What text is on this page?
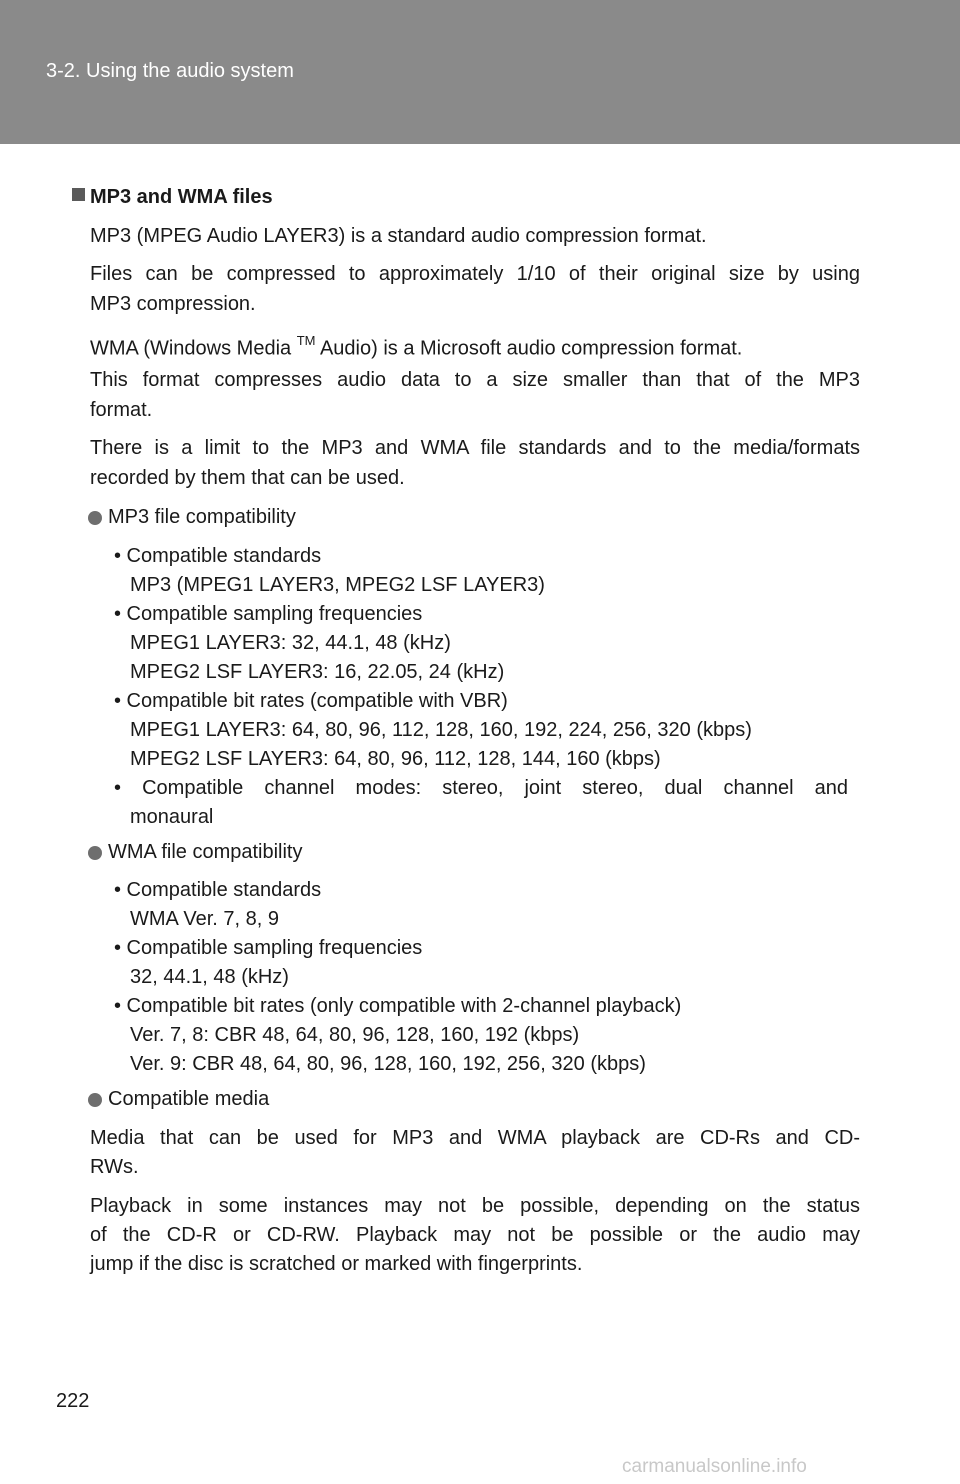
3-2. Using the audio system
MP3 and WMA files
MP3 (MPEG Audio LAYER3) is a standard audio compression format.
Files can be compressed to approximately 1/10 of their original size by using
MP3 compression.
WMA (Windows Media ™ Audio) is a Microsoft audio compression format.
This format compresses audio data to a size smaller than that of the MP3
format.
There is a limit to the MP3 and WMA file standards and to the media/formats
recorded by them that can be used.
MP3 file compatibility
• Compatible standards
MP3 (MPEG1 LAYER3, MPEG2 LSF LAYER3)
• Compatible sampling frequencies
MPEG1 LAYER3: 32, 44.1, 48 (kHz)
MPEG2 LSF LAYER3: 16, 22.05, 24 (kHz)
• Compatible bit rates (compatible with VBR)
MPEG1 LAYER3: 64, 80, 96, 112, 128, 160, 192, 224, 256, 320 (kbps)
MPEG2 LSF LAYER3: 64, 80, 96, 112, 128, 144, 160 (kbps)
• Compatible channel modes: stereo, joint stereo, dual channel and
monaural
WMA file compatibility
• Compatible standards
WMA Ver. 7, 8, 9
• Compatible sampling frequencies
32, 44.1, 48 (kHz)
• Compatible bit rates (only compatible with 2-channel playback)
Ver. 7, 8: CBR 48, 64, 80, 96, 128, 160, 192 (kbps)
Ver. 9: CBR 48, 64, 80, 96, 128, 160, 192, 256, 320 (kbps)
Compatible media
Media that can be used for MP3 and WMA playback are CD-Rs and CD-
RWs.
Playback in some instances may not be possible, depending on the status
of the CD-R or CD-RW. Playback may not be possible or the audio may
jump if the disc is scratched or marked with fingerprints.
222
carmanualsonline.info
